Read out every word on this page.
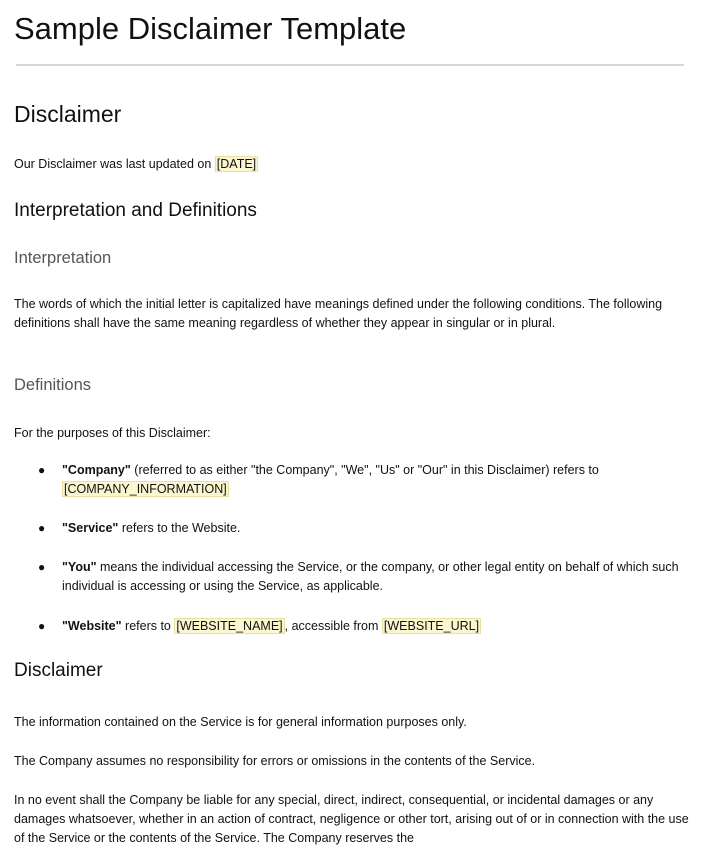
Sample Disclaimer Template
Disclaimer

Our Disclaimer was last updated on [DATE]

Interpretation and Definitions
Interpretation

The words of which the initial letter is capitalized have meanings defined under the following conditions. The following definitions shall have the same meaning regardless of whether they appear in singular or in plural.

Definitions

For the purposes of this Disclaimer:

● "Company" (referred to as either "the Company", "We", "Us" or "Our" in this Disclaimer) refers to [COMPANY_INFORMATION]

● "Service" refers to the Website.

● "You" means the individual accessing the Service, or the company, or other legal entity on behalf of which such individual is accessing or using the Service, as applicable.

● "Website" refers to [WEBSITE_NAME] , accessible from [WEBSITE_URL]

Disclaimer

The information contained on the Service is for general information purposes only.

The Company assumes no responsibility for errors or omissions in the contents of the Service.

In no event shall the Company be liable for any special, direct, indirect, consequential, or incidental damages or any damages whatsoever, whether in an action of contract, negligence or other tort, arising out of or in connection with the use of the Service or the contents of the Service. The Company reserves the
